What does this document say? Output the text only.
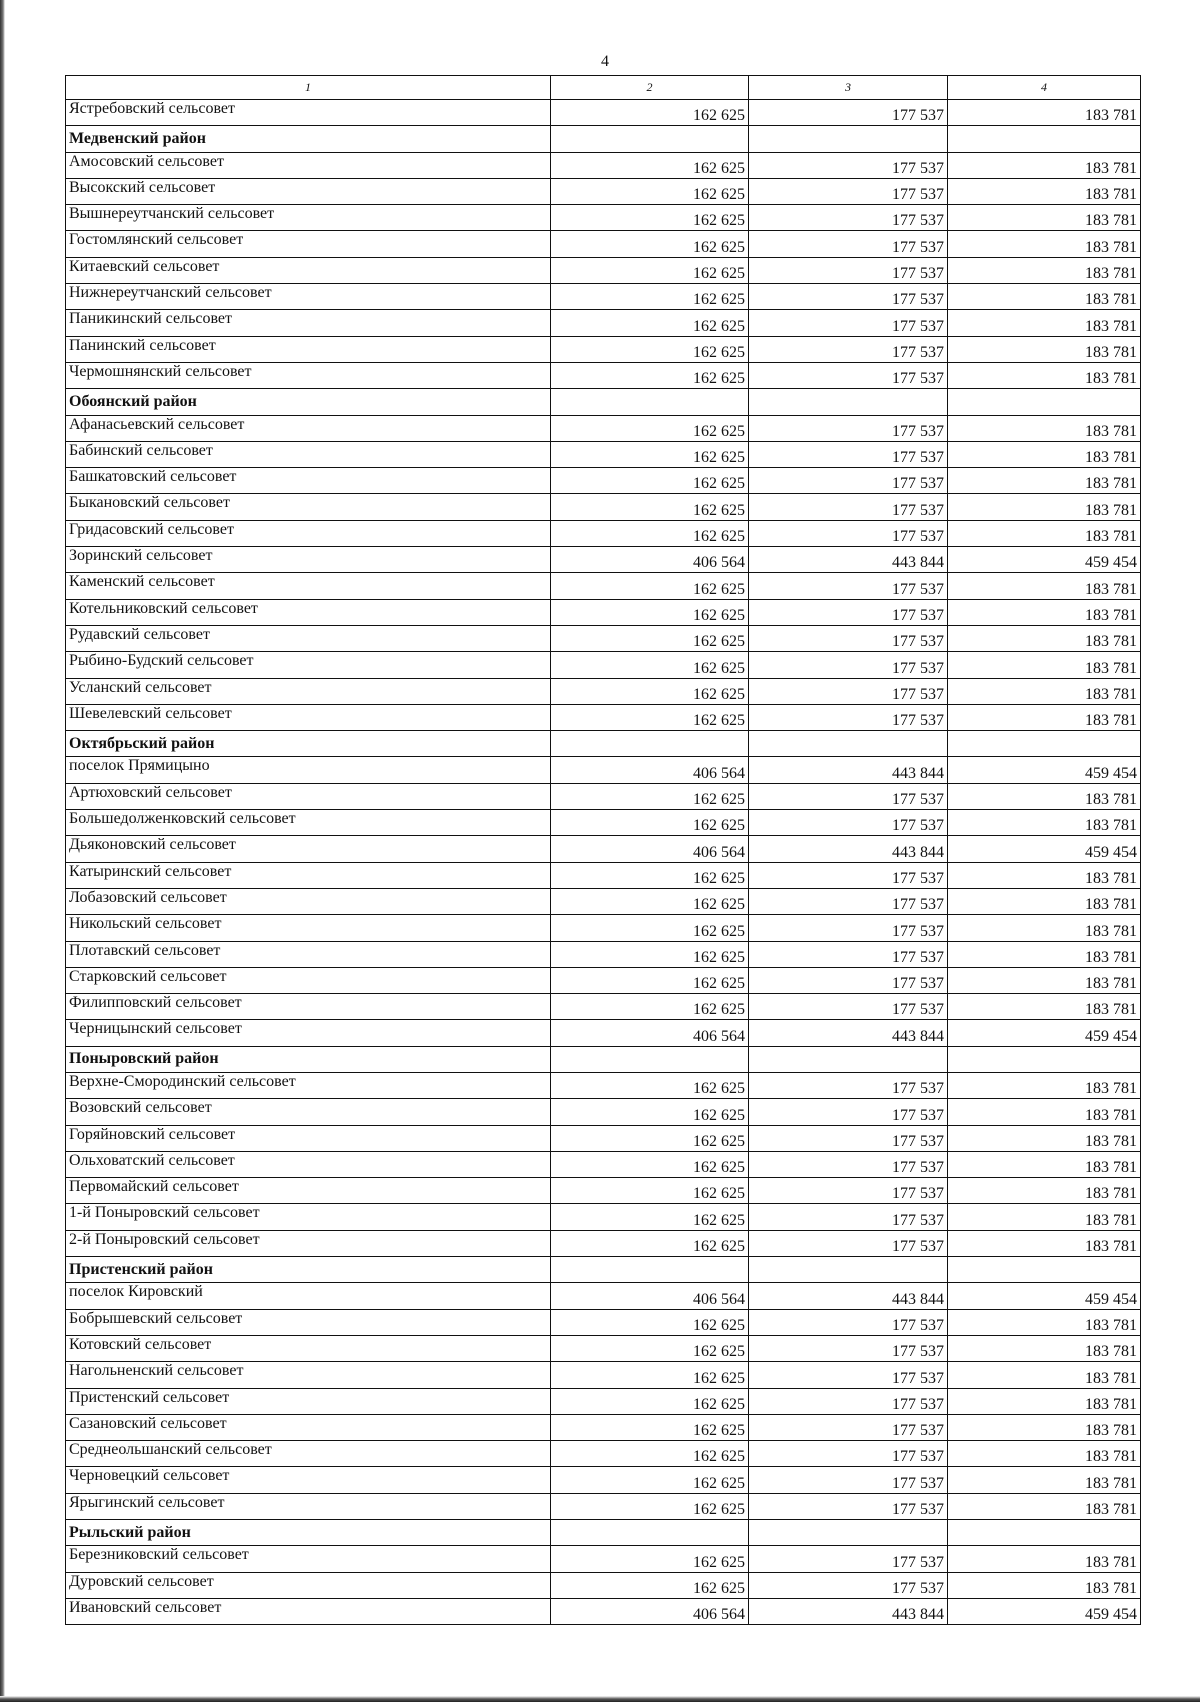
4
1	2	3	4
Ястребовский сельсовет	162 625	177 537	183 781
Медвенский район			
Амосовский сельсовет	162 625	177 537	183 781
Высокский сельсовет	162 625	177 537	183 781
Вышнереутчанский сельсовет	162 625	177 537	183 781
Гостомлянский сельсовет	162 625	177 537	183 781
Китаевский сельсовет	162 625	177 537	183 781
Нижнереутчанский сельсовет	162 625	177 537	183 781
Паникинский сельсовет	162 625	177 537	183 781
Панинский сельсовет	162 625	177 537	183 781
Чермошнянский сельсовет	162 625	177 537	183 781
Обоянский район			
Афанасьевский сельсовет	162 625	177 537	183 781
Бабинский сельсовет	162 625	177 537	183 781
Башкатовский сельсовет	162 625	177 537	183 781
Быкановский сельсовет	162 625	177 537	183 781
Гридасовский сельсовет	162 625	177 537	183 781
Зоринский сельсовет	406 564	443 844	459 454
Каменский сельсовет	162 625	177 537	183 781
Котельниковский сельсовет	162 625	177 537	183 781
Рудавский сельсовет	162 625	177 537	183 781
Рыбино-Будский сельсовет	162 625	177 537	183 781
Усланский сельсовет	162 625	177 537	183 781
Шевелевский сельсовет	162 625	177 537	183 781
Октябрьский район			
поселок Прямицыно	406 564	443 844	459 454
Артюховский сельсовет	162 625	177 537	183 781
Большедолженковский сельсовет	162 625	177 537	183 781
Дьяконовский сельсовет	406 564	443 844	459 454
Катыринский сельсовет	162 625	177 537	183 781
Лобазовский сельсовет	162 625	177 537	183 781
Никольский сельсовет	162 625	177 537	183 781
Плотавский сельсовет	162 625	177 537	183 781
Старковский сельсовет	162 625	177 537	183 781
Филипповский сельсовет	162 625	177 537	183 781
Черницынский сельсовет	406 564	443 844	459 454
Поныровский район			
Верхне-Смородинский сельсовет	162 625	177 537	183 781
Возовский сельсовет	162 625	177 537	183 781
Горяйновский сельсовет	162 625	177 537	183 781
Ольховатский сельсовет	162 625	177 537	183 781
Первомайский сельсовет	162 625	177 537	183 781
1-й Поныровский сельсовет	162 625	177 537	183 781
2-й Поныровский сельсовет	162 625	177 537	183 781
Пристенский район			
поселок Кировский	406 564	443 844	459 454
Бобрышевский сельсовет	162 625	177 537	183 781
Котовский сельсовет	162 625	177 537	183 781
Нагольненский сельсовет	162 625	177 537	183 781
Пристенский сельсовет	162 625	177 537	183 781
Сазановский сельсовет	162 625	177 537	183 781
Среднеольшанский сельсовет	162 625	177 537	183 781
Черновецкий сельсовет	162 625	177 537	183 781
Ярыгинский сельсовет	162 625	177 537	183 781
Рыльский район			
Березниковский сельсовет	162 625	177 537	183 781
Дуровский сельсовет	162 625	177 537	183 781
Ивановский сельсовет	406 564	443 844	459 454
